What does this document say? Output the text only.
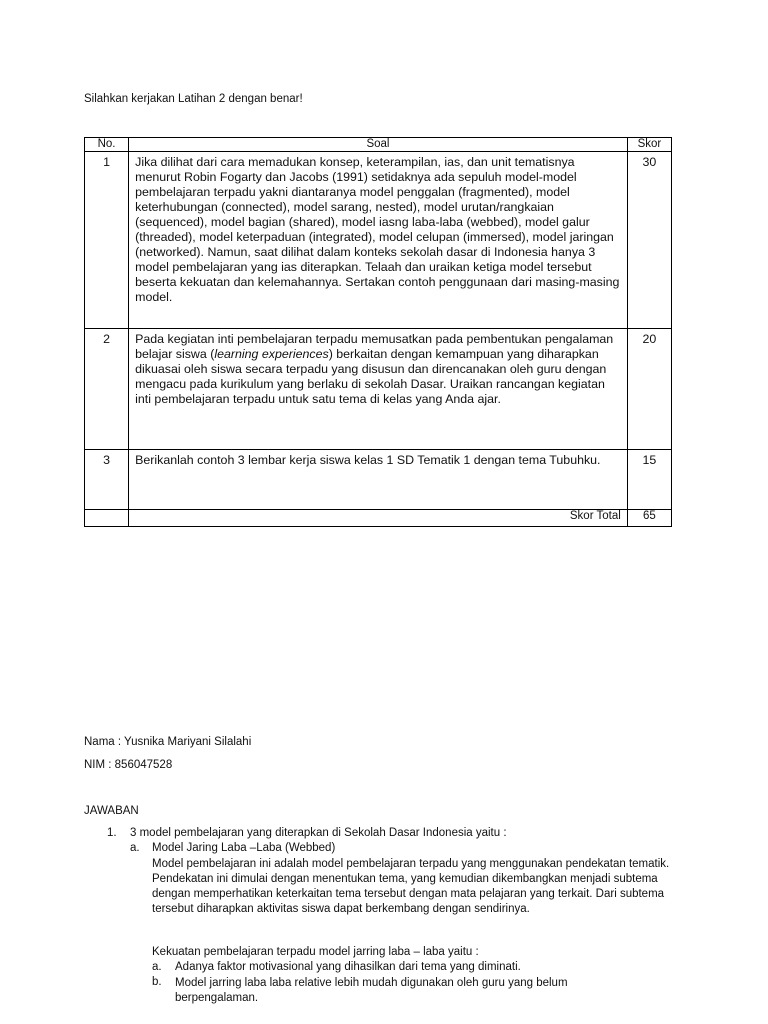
Silahkan kerjakan Latihan 2 dengan benar!
No.	Soal	Skor
1	Jika dilihat dari cara memadukan konsep, keterampilan, ias, dan unit tematisnya menurut Robin Fogarty dan Jacobs (1991) setidaknya ada sepuluh model-model pembelajaran terpadu yakni diantaranya model penggalan (fragmented), model keterhubungan (connected), model sarang, nested), model urutan/rangkaian (sequenced), model bagian (shared), model iasng laba-laba (webbed), model galur (threaded), model keterpaduan (integrated), model celupan (immersed), model jaringan (networked). Namun, saat dilihat dalam konteks sekolah dasar di Indonesia hanya 3 model pembelajaran yang ias diterapkan. Telaah dan uraikan ketiga model tersebut beserta kekuatan dan kelemahannya. Sertakan contoh penggunaan dari masing-masing model.	30
2	Pada kegiatan inti pembelajaran terpadu memusatkan pada pembentukan pengalaman belajar siswa (learning experiences) berkaitan dengan kemampuan yang diharapkan dikuasai oleh siswa secara terpadu yang disusun dan direncanakan oleh guru dengan mengacu pada kurikulum yang berlaku di sekolah Dasar. Uraikan rancangan kegiatan inti pembelajaran terpadu untuk satu tema di kelas yang Anda ajar.	20
3	Berikanlah contoh 3 lembar kerja siswa kelas 1 SD Tematik 1 dengan tema Tubuhku.	15
	Skor Total	65
Nama : Yusnika Mariyani Silalahi
NIM : 856047528
JAWABAN
1. 3 model pembelajaran yang diterapkan di Sekolah Dasar Indonesia yaitu :
a. Model Jaring Laba –Laba (Webbed)
Model pembelajaran ini adalah model pembelajaran terpadu yang menggunakan pendekatan tematik. Pendekatan ini dimulai dengan menentukan tema, yang kemudian dikembangkan menjadi subtema dengan memperhatikan keterkaitan tema tersebut dengan mata pelajaran yang terkait. Dari subtema tersebut diharapkan aktivitas siswa dapat berkembang dengan sendirinya.
Kekuatan pembelajaran terpadu model jarring laba – laba yaitu :
a. Adanya faktor motivasional yang dihasilkan dari tema yang diminati.
b. Model jarring laba laba relative lebih mudah digunakan oleh guru yang belum berpengalaman.
